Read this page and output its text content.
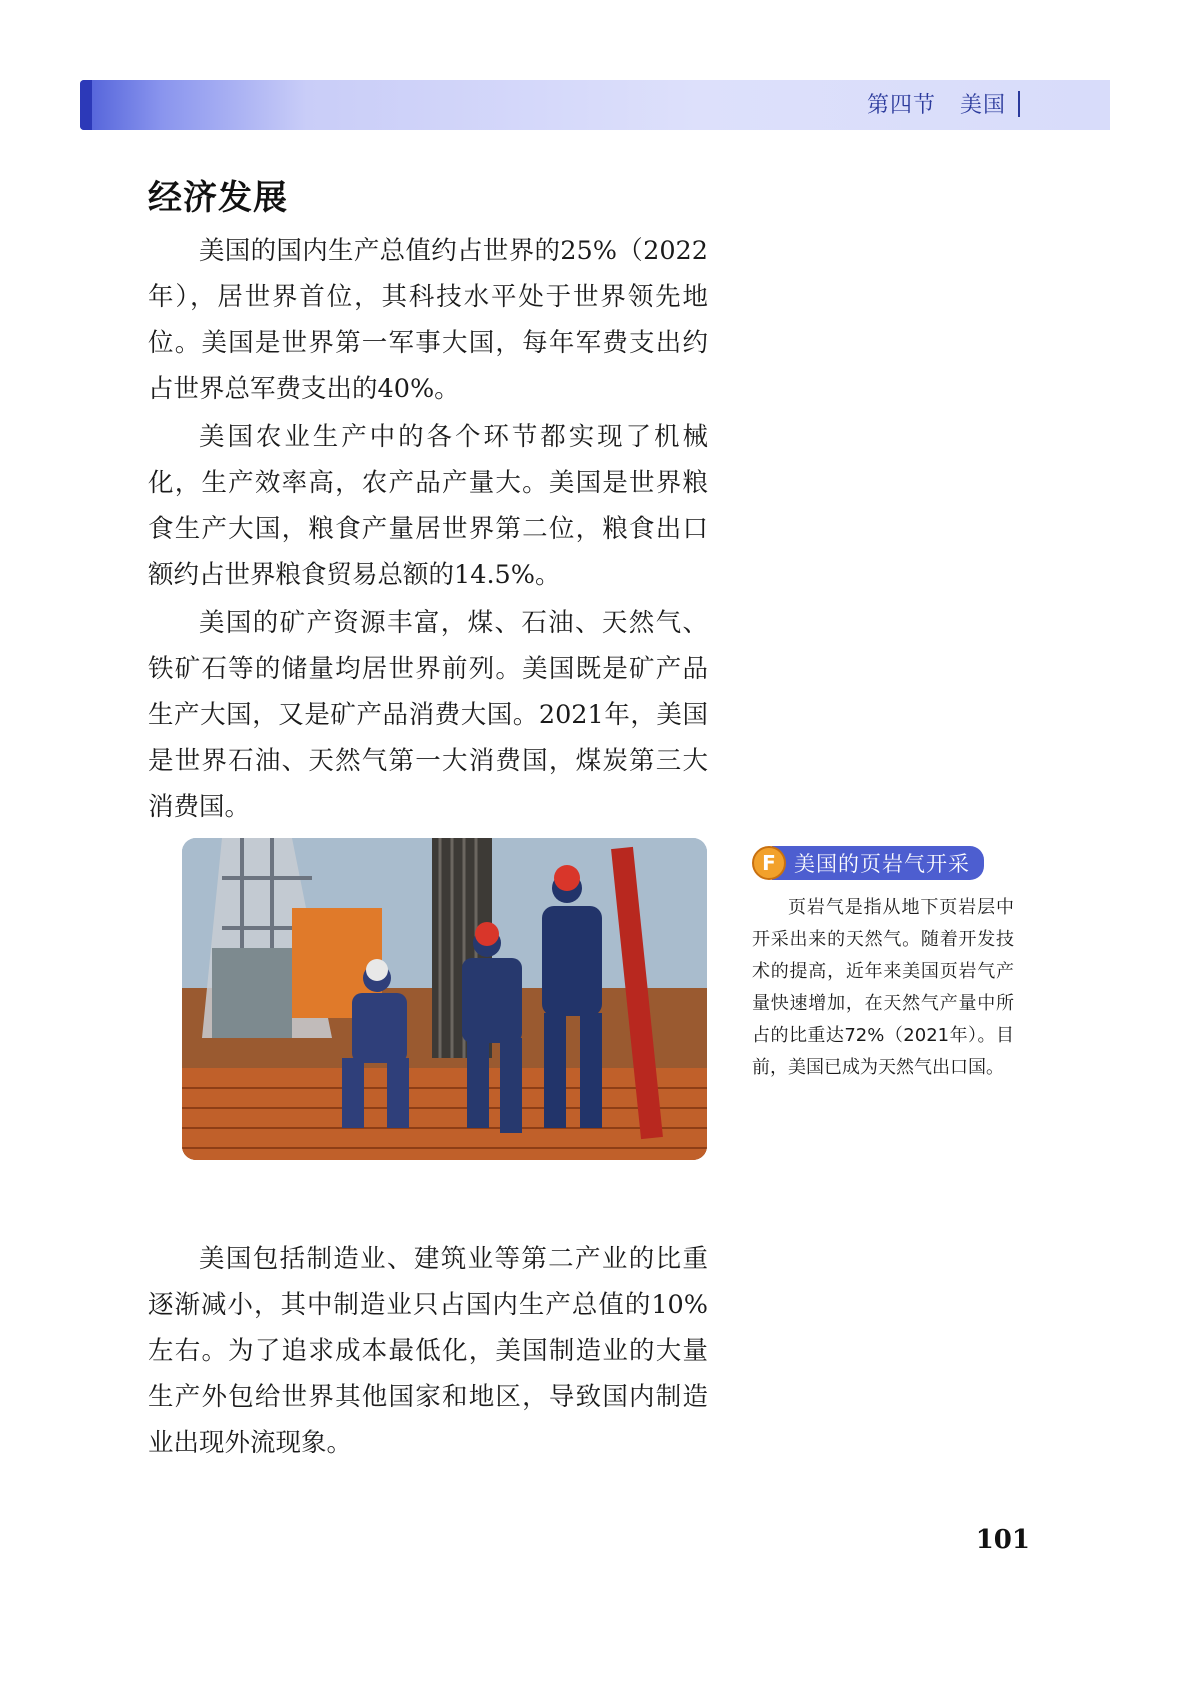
第四节 美国
经济发展

美国的国内生产总值约占世界的25%（2022年），居世界首位，其科技水平处于世界领先地位。美国是世界第一军事大国，每年军费支出约占世界总军费支出的40%。

美国农业生产中的各个环节都实现了机械化，生产效率高，农产品产量大。美国是世界粮食生产大国，粮食产量居世界第二位，粮食出口额约占世界粮食贸易总额的14.5%。

美国的矿产资源丰富，煤、石油、天然气、铁矿石等的储量均居世界前列。美国既是矿产品生产大国，又是矿产品消费大国。2021年，美国是世界石油、天然气第一大消费国，煤炭第三大消费国。

F 美国的页岩气开采
页岩气是指从地下页岩层中开采出来的天然气。随着开发技术的提高，近年来美国页岩气产量快速增加，在天然气产量中所占的比重达72%（2021年）。目前，美国已成为天然气出口国。

美国包括制造业、建筑业等第二产业的比重逐渐减小，其中制造业只占国内生产总值的10%左右。为了追求成本最低化，美国制造业的大量生产外包给世界其他国家和地区，导致国内制造业出现外流现象。

101
